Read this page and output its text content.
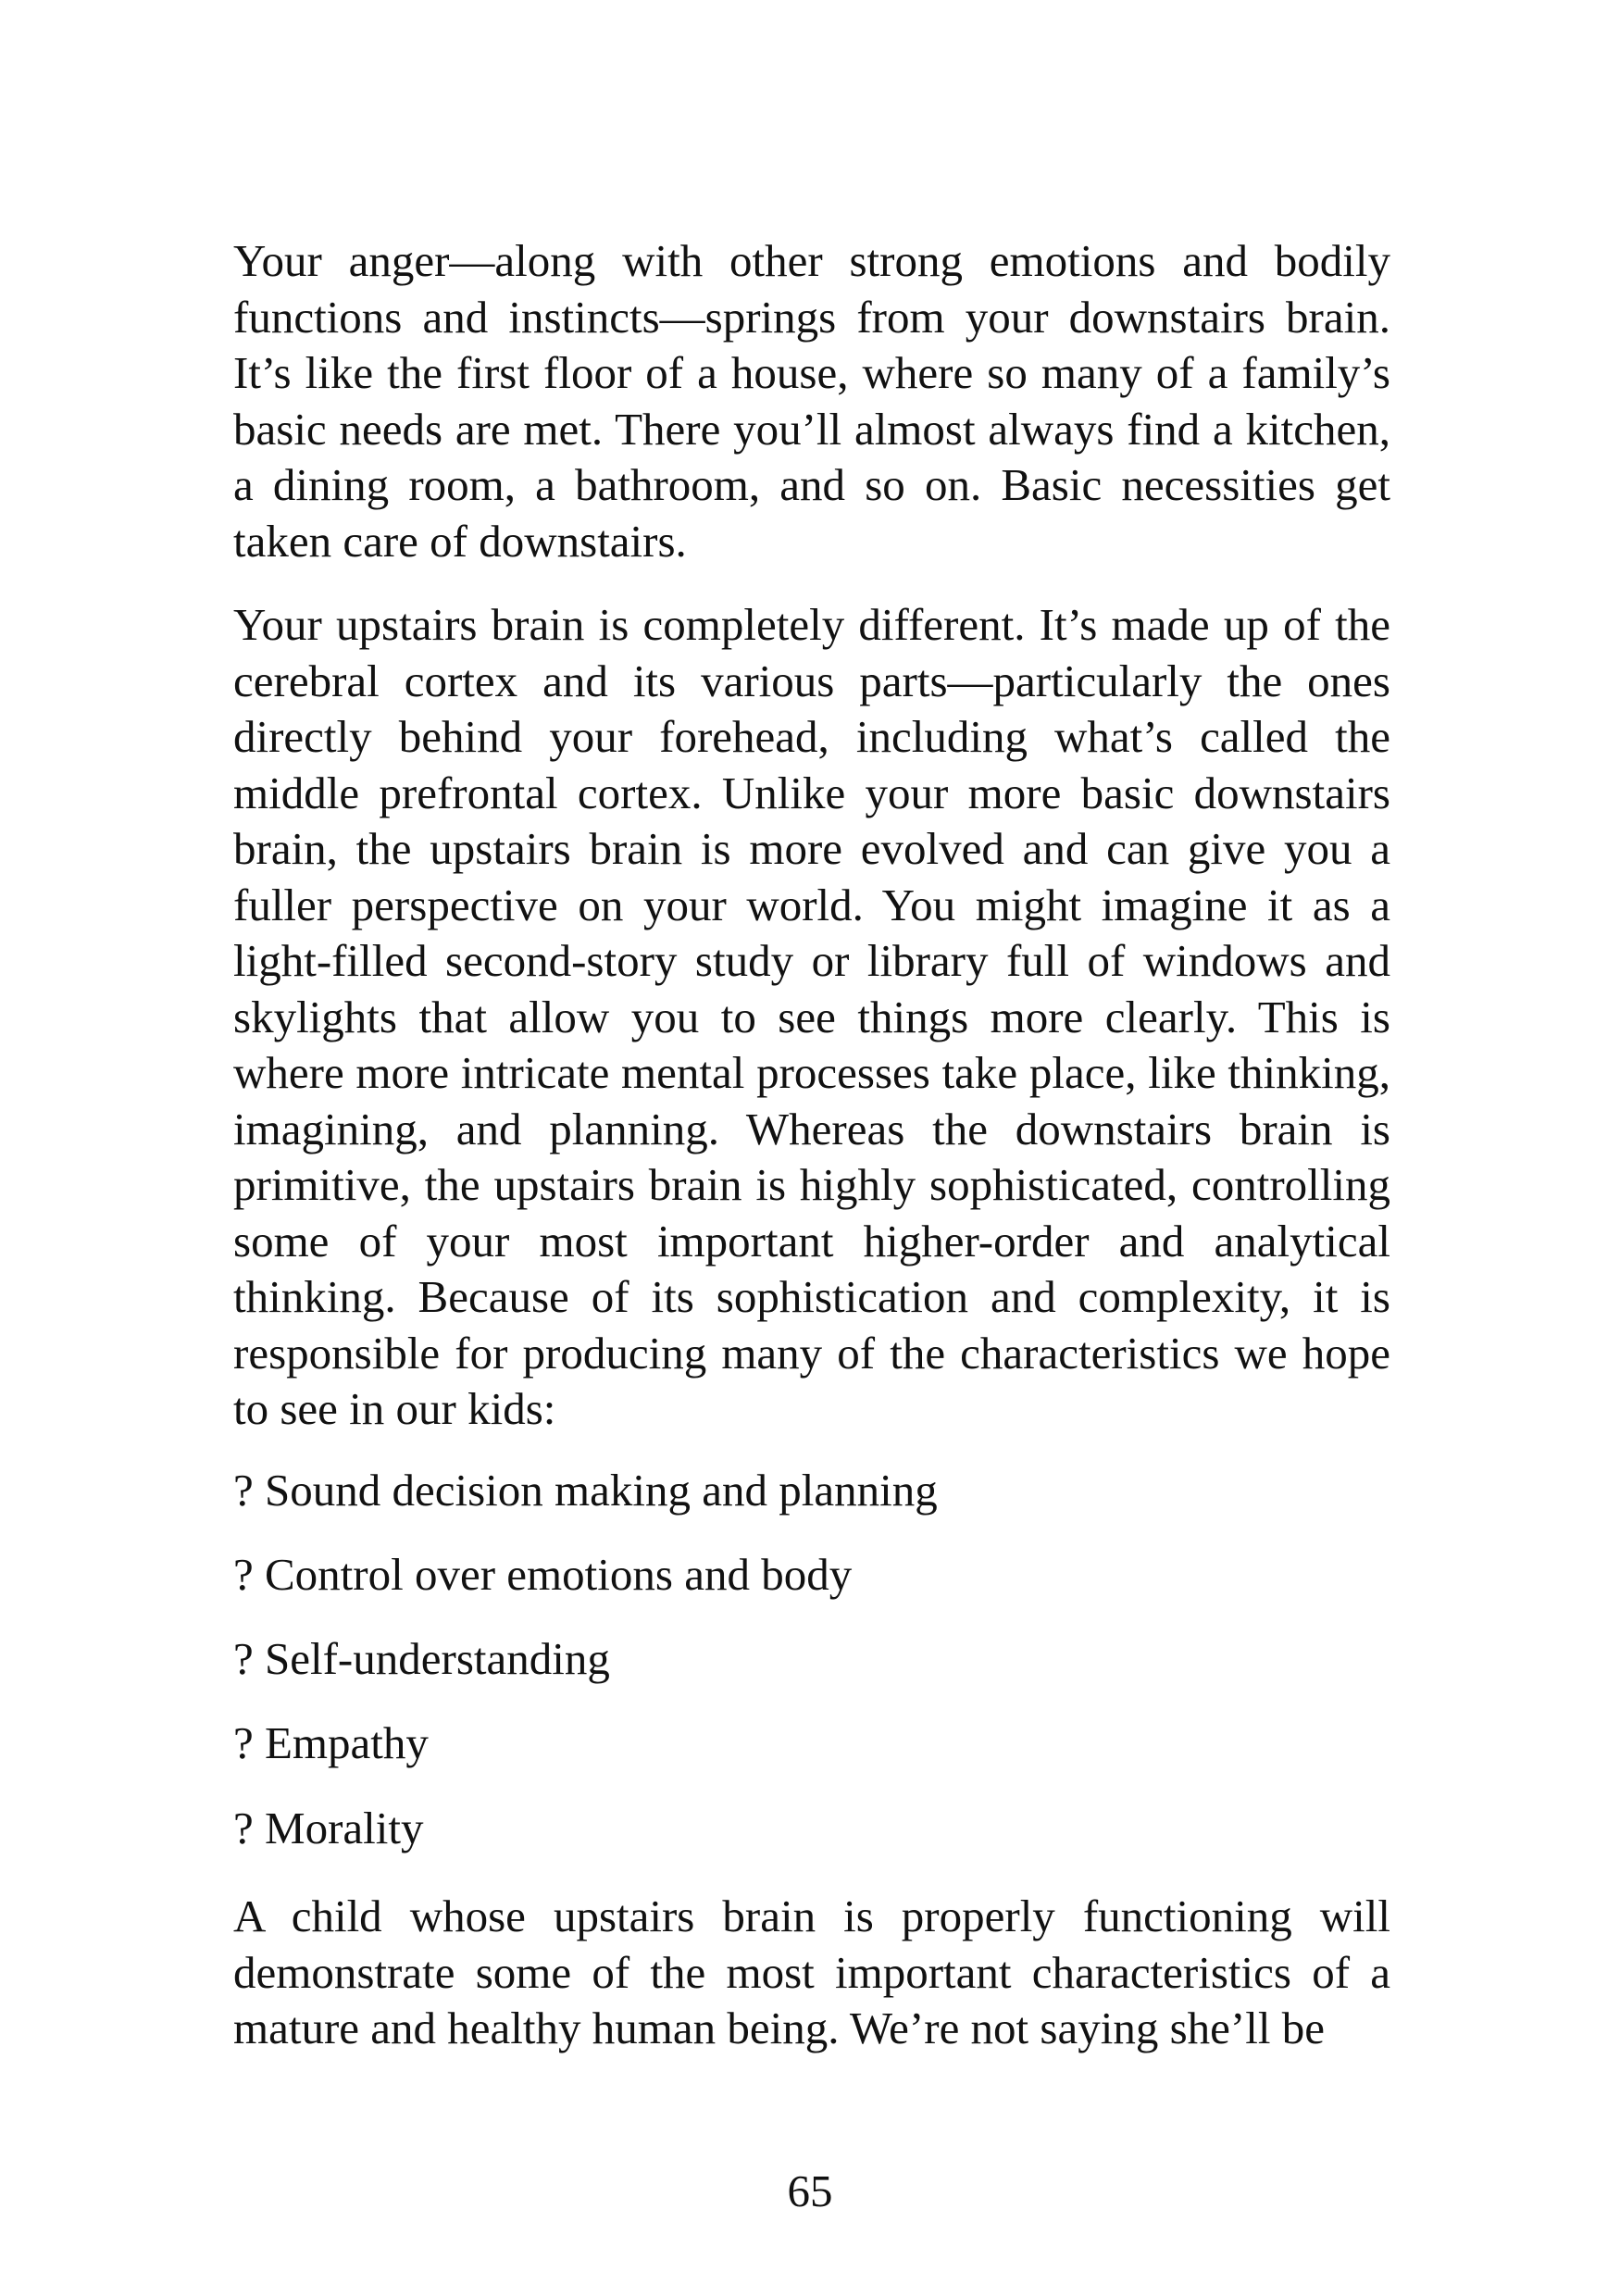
Your anger—along with other strong emotions and bodily functions and instincts—springs from your downstairs brain. It’s like the first floor of a house, where so many of a family’s basic needs are met. There you’ll almost always find a kitchen, a dining room, a bathroom, and so on. Basic necessities get taken care of downstairs.

Your upstairs brain is completely different. It’s made up of the cerebral cortex and its various parts—particularly the ones directly behind your forehead, including what’s called the middle prefrontal cortex. Unlike your more basic downstairs brain, the upstairs brain is more evolved and can give you a fuller perspective on your world. You might imagine it as a light-filled second-story study or library full of windows and skylights that allow you to see things more clearly. This is where more intricate mental processes take place, like thinking, imagining, and planning. Whereas the downstairs brain is primitive, the upstairs brain is highly sophisticated, controlling some of your most important higher-order and analytical thinking. Because of its sophistication and complexity, it is responsible for producing many of the characteristics we hope to see in our kids:

? Sound decision making and planning
? Control over emotions and body
? Self-understanding
? Empathy
? Morality

A child whose upstairs brain is properly functioning will demonstrate some of the most important characteristics of a mature and healthy human being. We’re not saying she’ll be

65
